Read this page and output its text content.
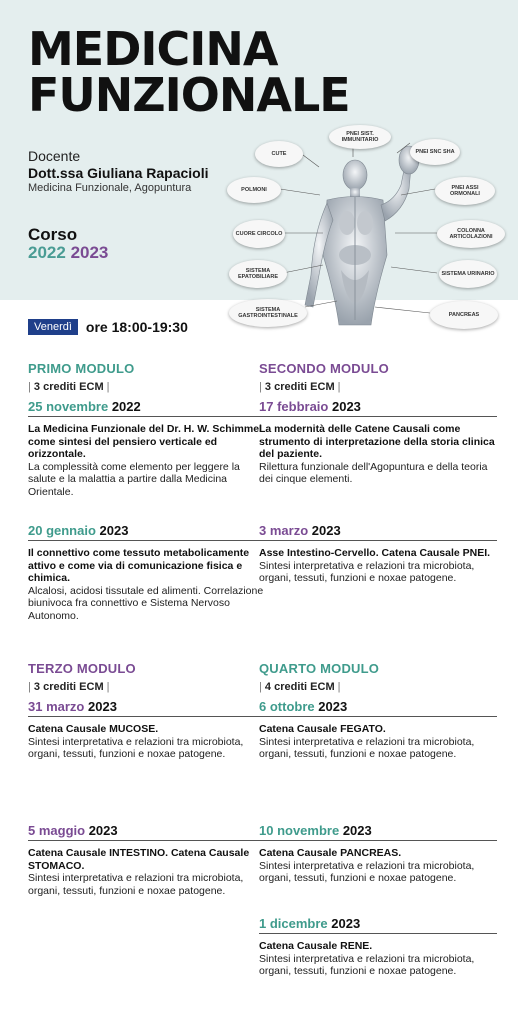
MEDICINA
FUNZIONALE
Docente
Dott.ssa Giuliana Rapacioli
Medicina Funzionale, Agopuntura
Corso
2022 2023
CUTE
PNEI SIST. IMMUNITARIO
PNEI SNC SHA
POLMONI	PNEI ASSI ORMONALI
CUORE CIRCOLO	COLONNA ARTICOLAZIONI
SISTEMA EPATOBILIARE	SISTEMA URINARIO
SISTEMA GASTROINTESTINALE	PANCREAS
Venerdì	ore 18:00-19:30
PRIMO MODULO
| 3 crediti ECM |
25 novembre 2022
La Medicina Funzionale del Dr. H. W. Schimmel come sintesi del pensiero verticale ed orizzontale.
La complessità come elemento per leggere la salute e la malattia a partire dalla Medicina Orientale.
20 gennaio 2023
Il connettivo come tessuto metabolicamente attivo e come via di comunicazione fisica e chimica.
Alcalosi, acidosi tissutale ed alimenti. Correlazione biunivoca fra connettivo e Sistema Nervoso Autonomo.
SECONDO MODULO
| 3 crediti ECM |
17 febbraio 2023
La modernità delle Catene Causali come strumento di interpretazione della storia clinica del paziente.
Rilettura funzionale dell'Agopuntura e della teoria dei cinque elementi.
3 marzo 2023
Asse Intestino-Cervello. Catena Causale PNEI.
Sintesi interpretativa e relazioni tra microbiota, organi, tessuti, funzioni e noxae patogene.
TERZO MODULO
| 3 crediti ECM |
31 marzo 2023
Catena Causale MUCOSE.
Sintesi interpretativa e relazioni tra microbiota, organi, tessuti, funzioni e noxae patogene.
5 maggio 2023
Catena Causale INTESTINO. Catena Causale STOMACO.
Sintesi interpretativa e relazioni tra microbiota, organi, tessuti, funzioni e noxae patogene.
QUARTO MODULO
| 4 crediti ECM |
6 ottobre 2023
Catena Causale FEGATO.
Sintesi interpretativa e relazioni tra microbiota, organi, tessuti, funzioni e noxae patogene.
10 novembre 2023
Catena Causale PANCREAS.
Sintesi interpretativa e relazioni tra microbiota, organi, tessuti, funzioni e noxae patogene.
1 dicembre 2023
Catena Causale RENE.
Sintesi interpretativa e relazioni tra microbiota, organi, tessuti, funzioni e noxae patogene.
